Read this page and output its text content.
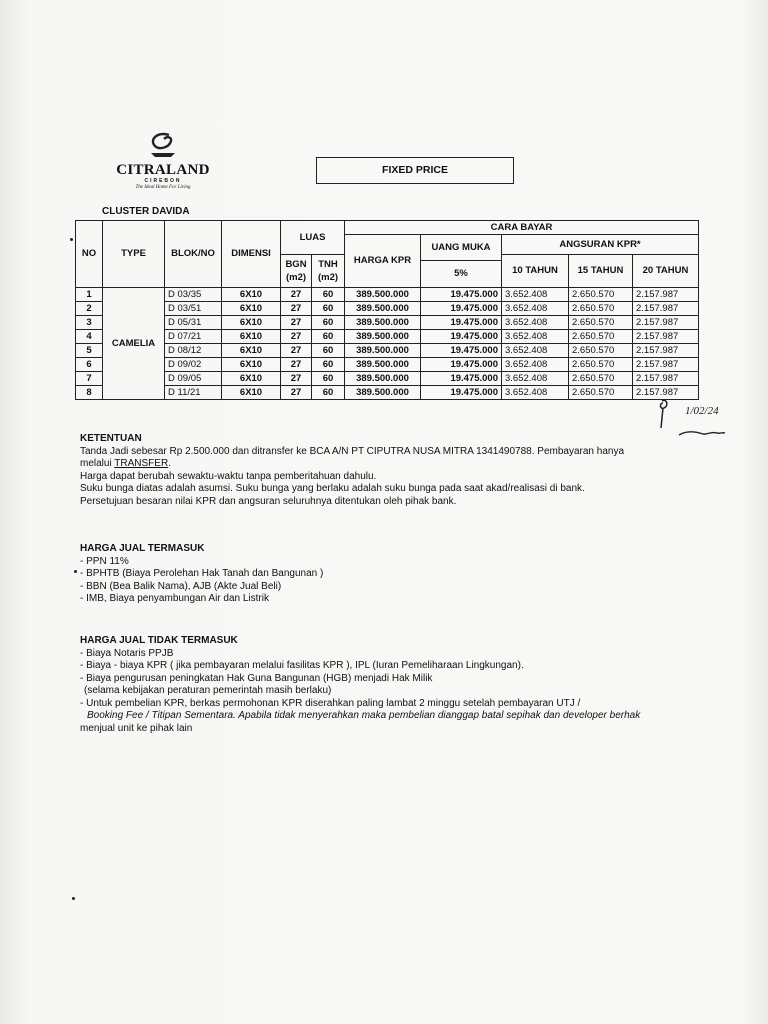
CITRALAND
CIREBON
The Ideal Home For Living
FIXED PRICE
CLUSTER DAVIDA
NO	TYPE	BLOK/NO	DIMENSI	LUAS		CARA BAYAR				
						HARGA KPR	UANG MUKA	ANGSURAN KPR*		
				BGN (m2)	TNH (m2)			10 TAHUN	15 TAHUN	20 TAHUN
							5%			
1	CAMELIA	D 03/35	6X10	27	60	389.500.000	19.475.000	3.652.408	2.650.570	2.157.987
2		D 03/51	6X10	27	60	389.500.000	19.475.000	3.652.408	2.650.570	2.157.987
3		D 05/31	6X10	27	60	389.500.000	19.475.000	3.652.408	2.650.570	2.157.987
4		D 07/21	6X10	27	60	389.500.000	19.475.000	3.652.408	2.650.570	2.157.987
5		D 08/12	6X10	27	60	389.500.000	19.475.000	3.652.408	2.650.570	2.157.987
6		D 09/02	6X10	27	60	389.500.000	19.475.000	3.652.408	2.650.570	2.157.987
7		D 09/05	6X10	27	60	389.500.000	19.475.000	3.652.408	2.650.570	2.157.987
8		D 11/21	6X10	27	60	389.500.000	19.475.000	3.652.408	2.650.570	2.157.987
1/02/24
KETENTUAN
Tanda Jadi sebesar Rp 2.500.000 dan ditransfer ke BCA A/N PT CIPUTRA NUSA MITRA 1341490788. Pembayaran hanya
melalui TRANSFER.
Harga dapat berubah sewaktu-waktu tanpa pemberitahuan dahulu.
Suku bunga diatas adalah asumsi. Suku bunga yang berlaku adalah suku bunga pada saat akad/realisasi di bank.
Persetujuan besaran nilai KPR dan angsuran seluruhnya ditentukan oleh pihak bank.
HARGA JUAL TERMASUK
- PPN 11%
- BPHTB (Biaya Perolehan Hak Tanah dan Bangunan )
- BBN (Bea Balik Nama), AJB (Akte Jual Beli)
- IMB, Biaya penyambungan Air dan Listrik
HARGA JUAL TIDAK TERMASUK
- Biaya Notaris PPJB
- Biaya - biaya KPR ( jika pembayaran melalui fasilitas KPR ), IPL (Iuran Pemeliharaan Lingkungan).
- Biaya pengurusan peningkatan Hak Guna Bangunan (HGB) menjadi Hak Milik
(selama kebijakan peraturan pemerintah masih berlaku)
- Untuk pembelian KPR, berkas permohonan KPR diserahkan paling lambat 2 minggu setelah pembayaran UTJ /
Booking Fee / Titipan Sementara. Apabila tidak menyerahkan maka pembelian dianggap batal sepihak dan developer berhak
menjual unit ke pihak lain
